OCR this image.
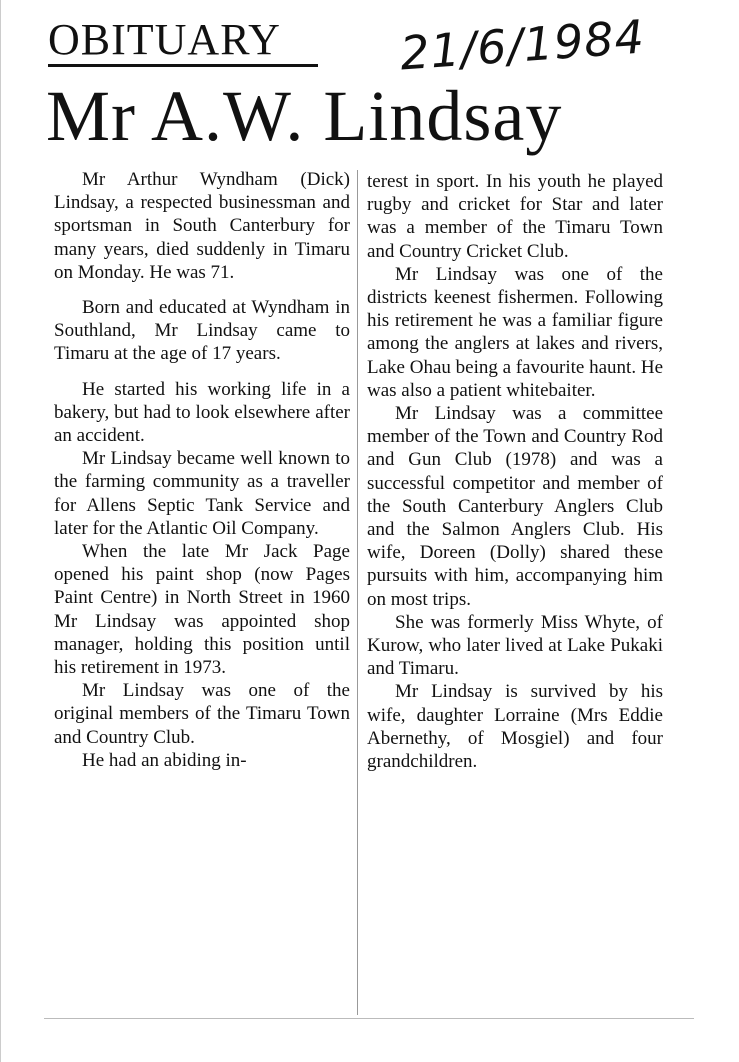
OBITUARY	21/6/1984
Mr A.W. Lindsay

Mr Arthur Wyndham (Dick) Lindsay, a respected businessman and sportsman in South Canterbury for many years, died suddenly in Timaru on Monday. He was 71.

Born and educated at Wyndham in Southland, Mr Lindsay came to Timaru at the age of 17 years.

He started his working life in a bakery, but had to look elsewhere after an accident.

Mr Lindsay became well known to the farming community as a traveller for Allens Septic Tank Service and later for the Atlantic Oil Company.

When the late Mr Jack Page opened his paint shop (now Pages Paint Centre) in North Street in 1960 Mr Lindsay was appointed shop manager, holding this position until his retirement in 1973.

Mr Lindsay was one of the original members of the Timaru Town and Country Club.

He had an abiding in-

terest in sport. In his youth he played rugby and cricket for Star and later was a member of the Timaru Town and Country Cricket Club.

Mr Lindsay was one of the districts keenest fishermen. Following his retirement he was a familiar figure among the anglers at lakes and rivers, Lake Ohau being a favourite haunt. He was also a patient whitebaiter.

Mr Lindsay was a committee member of the Town and Country Rod and Gun Club (1978) and was a successful competitor and member of the South Canterbury Anglers Club and the Salmon Anglers Club. His wife, Doreen (Dolly) shared these pursuits with him, accompanying him on most trips.

She was formerly Miss Whyte, of Kurow, who later lived at Lake Pukaki and Timaru.

Mr Lindsay is survived by his wife, daughter Lorraine (Mrs Eddie Abernethy, of Mosgiel) and four grandchildren.
